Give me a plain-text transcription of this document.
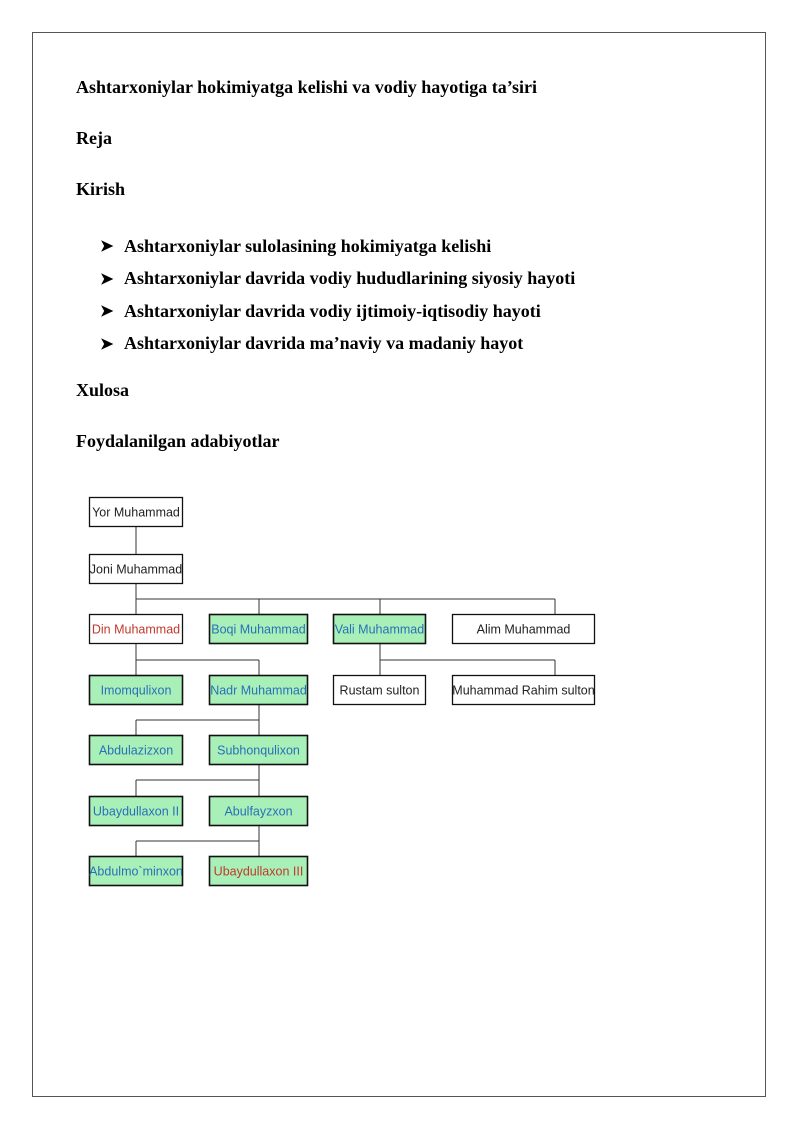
Ashtarxoniylar hokimiyatga kelishi va vodiy hayotiga ta’siri
Reja
Kirish
➤ Ashtarxoniylar sulolasining hokimiyatga kelishi
➤ Ashtarxoniylar davrida vodiy hududlarining siyosiy hayoti
➤ Ashtarxoniylar davrida vodiy ijtimoiy-iqtisodiy hayoti
➤ Ashtarxoniylar davrida ma’naviy va madaniy hayot
Xulosa
Foydalanilgan adabiyotlar
Yor Muhammad
Joni Muhammad
Din Muhammad Boqi Muhammad Vali Muhammad	Alim Muhammad
Imomqulixon	Nadr Muhammad	Rustam sulton	Muhammad Rahim sulton
Abdulazizxon	Subhonqulixon
Ubaydullaxon II	Abulfayzxon
Abdulmo`minxon Ubaydullaxon III
